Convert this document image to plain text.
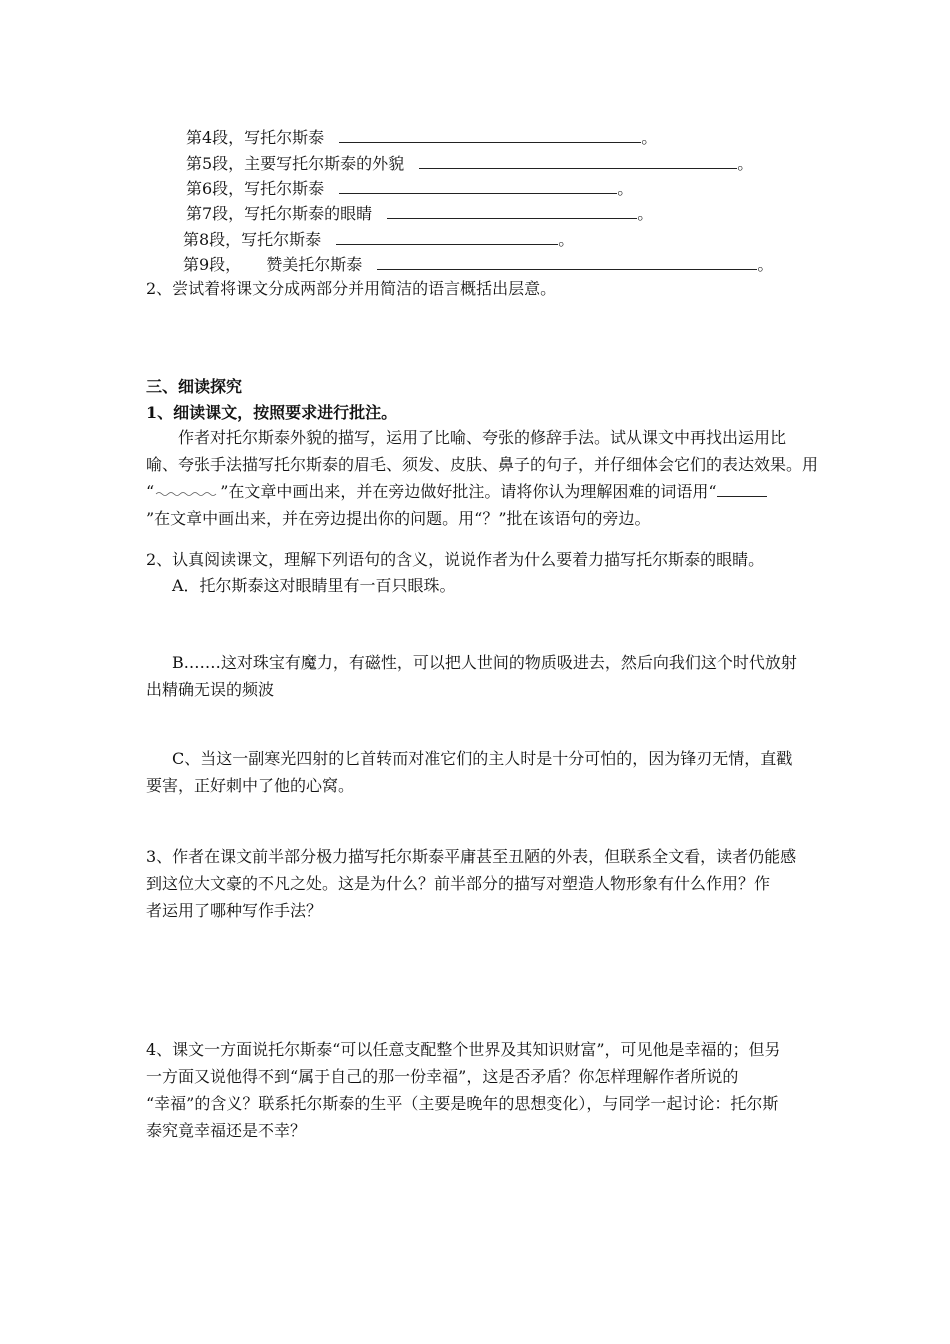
第4段，写托尔斯泰	。
第5段，主要写托尔斯泰的外貌	。
第6段，写托尔斯泰	。
第7段，写托尔斯泰的眼睛	。
第8段，写托尔斯泰	。
第9段， 赞美托尔斯泰	。
2、尝试着将课文分成两部分并用简洁的语言概括出层意。
三、细读探究
1、细读课文，按照要求进行批注。
作者对托尔斯泰外貌的描写，运用了比喻、夸张的修辞手法。试从课文中再找出运用比
喻、夸张手法描写托尔斯泰的眉毛、须发、皮肤、鼻子的句子，并仔细体会它们的表达效果。用
“	”在文章中画出来，并在旁边做好批注。请将你认为理解困难的词语用“
”在文章中画出来，并在旁边提出你的问题。用“？”批在该语句的旁边。
2、认真阅读课文，理解下列语句的含义，说说作者为什么要着力描写托尔斯泰的眼睛。
A．托尔斯泰这对眼睛里有一百只眼珠。
B.……这对珠宝有魔力，有磁性，可以把人世间的物质吸进去，然后向我们这个时代放射
出精确无误的频波
C、当这一副寒光四射的匕首转而对准它们的主人时是十分可怕的，因为锋刃无情，直戳
要害，正好刺中了他的心窝。
3、作者在课文前半部分极力描写托尔斯泰平庸甚至丑陋的外表，但联系全文看，读者仍能感
到这位大文豪的不凡之处。这是为什么？前半部分的描写对塑造人物形象有什么作用？作
者运用了哪种写作手法？
4、课文一方面说托尔斯泰“可以任意支配整个世界及其知识财富”，可见他是幸福的；但另
一方面又说他得不到“属于自己的那一份幸福”，这是否矛盾？你怎样理解作者所说的
“幸福”的含义？联系托尔斯泰的生平（主要是晚年的思想变化），与同学一起讨论：托尔斯
泰究竟幸福还是不幸？
